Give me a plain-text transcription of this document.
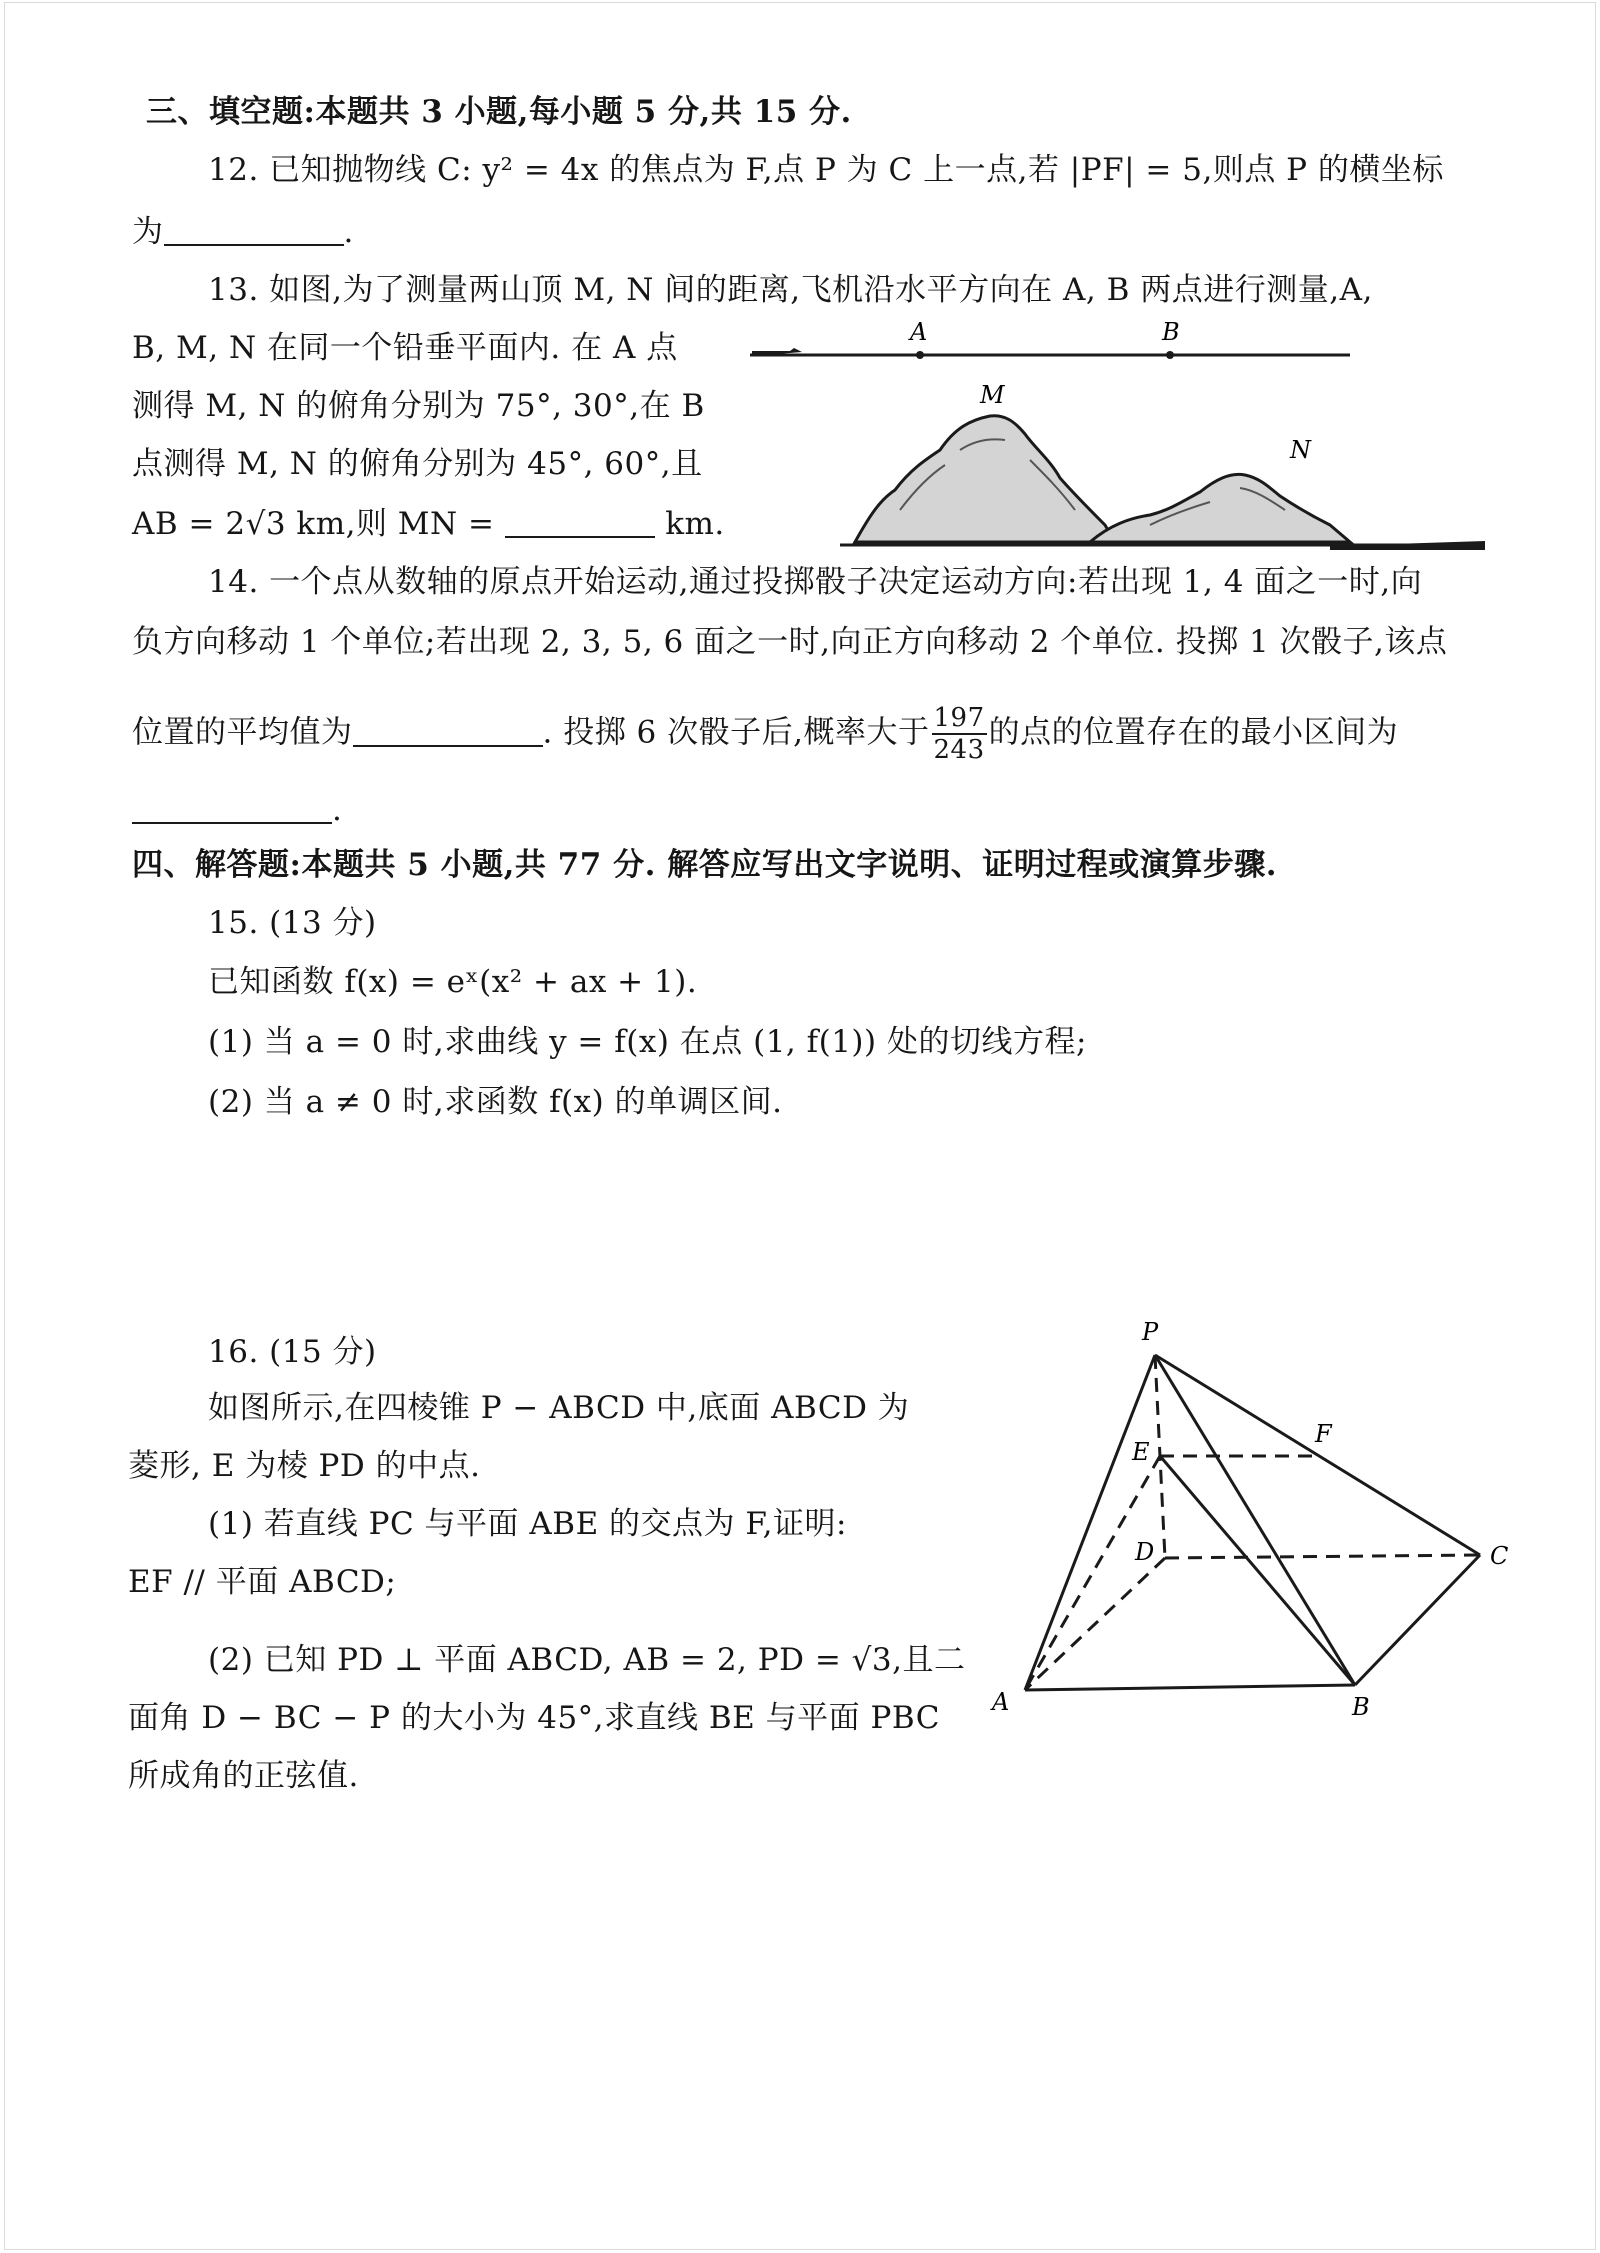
三、填空题:本题共 3 小题,每小题 5 分,共 15 分.
12. 已知抛物线 C: y² = 4x 的焦点为 F,点 P 为 C 上一点,若 |PF| = 5,则点 P 的横坐标
为	.
13. 如图,为了测量两山顶 M, N 间的距离,飞机沿水平方向在 A, B 两点进行测量,A,
B, M, N 在同一个铅垂平面内. 在 A 点
测得 M, N 的俯角分别为 75°, 30°,在 B
点测得 M, N 的俯角分别为 45°, 60°,且
AB = 2√3 km,则 MN =	km.
A	B
M
N
14. 一个点从数轴的原点开始运动,通过投掷骰子决定运动方向:若出现 1, 4 面之一时,向
负方向移动 1 个单位;若出现 2, 3, 5, 6 面之一时,向正方向移动 2 个单位. 投掷 1 次骰子,该点
位置的平均值为	. 投掷 6 次骰子后,概率大于 $\frac{197}{243}$ 的点的位置存在的最小区间为
.
四、解答题:本题共 5 小题,共 77 分. 解答应写出文字说明、证明过程或演算步骤.
15. (13 分)
已知函数 f(x) = eˣ(x² + ax + 1).
(1) 当 a = 0 时,求曲线 y = f(x) 在点 (1, f(1)) 处的切线方程;
(2) 当 a ≠ 0 时,求函数 f(x) 的单调区间.
16. (15 分)
如图所示,在四棱锥 P − ABCD 中,底面 ABCD 为
菱形, E 为棱 PD 的中点.
(1) 若直线 PC 与平面 ABE 的交点为 F,证明:
EF // 平面 ABCD;
(2) 已知 PD ⊥ 平面 ABCD, AB = 2, PD = √3,且二
面角 D − BC − P 的大小为 45°,求直线 BE 与平面 PBC
所成角的正弦值.
P
A	B
C
D
E
F
